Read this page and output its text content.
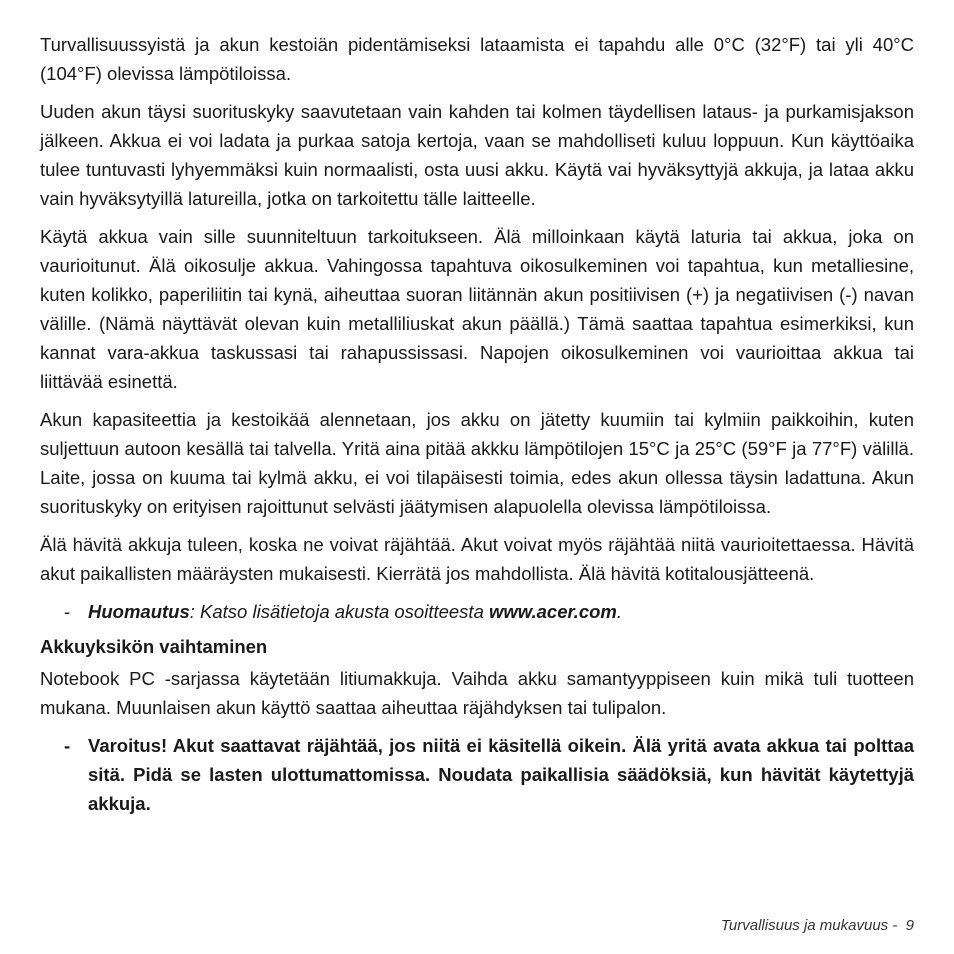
Turvallisuussyistä ja akun kestoiän pidentämiseksi lataamista ei tapahdu alle 0°C (32°F) tai yli 40°C (104°F) olevissa lämpötiloissa.

Uuden akun täysi suorituskyky saavutetaan vain kahden tai kolmen täydellisen lataus- ja purkamisjakson jälkeen. Akkua ei voi ladata ja purkaa satoja kertoja, vaan se mahdolliseti kuluu loppuun. Kun käyttöaika tulee tuntuvasti lyhyemmäksi kuin normaalisti, osta uusi akku. Käytä vai hyväksyttyjä akkuja, ja lataa akku vain hyväksytyillä latureilla, jotka on tarkoitettu tälle laitteelle.

Käytä akkua vain sille suunniteltuun tarkoitukseen. Älä milloinkaan käytä laturia tai akkua, joka on vaurioitunut. Älä oikosulje akkua. Vahingossa tapahtuva oikosulkeminen voi tapahtua, kun metalliesine, kuten kolikko, paperiliitin tai kynä, aiheuttaa suoran liitännän akun positiivisen (+) ja negatiivisen (-) navan välille. (Nämä näyttävät olevan kuin metalliliuskat akun päällä.) Tämä saattaa tapahtua esimerkiksi, kun kannat vara-akkua taskussasi tai rahapussissasi. Napojen oikosulkeminen voi vaurioittaa akkua tai liittävää esinettä.

Akun kapasiteettia ja kestoikää alennetaan, jos akku on jätetty kuumiin tai kylmiin paikkoihin, kuten suljettuun autoon kesällä tai talvella. Yritä aina pitää akkku lämpötilojen 15°C ja 25°C (59°F ja 77°F) välillä. Laite, jossa on kuuma tai kylmä akku, ei voi tilapäisesti toimia, edes akun ollessa täysin ladattuna. Akun suorituskyky on erityisen rajoittunut selvästi jäätymisen alapuolella olevissa lämpötiloissa.

Älä hävitä akkuja tuleen, koska ne voivat räjähtää. Akut voivat myös räjähtää niitä vaurioitettaessa. Hävitä akut paikallisten määräysten mukaisesti. Kierrätä jos mahdollista. Älä hävitä kotitalousjätteenä.

- Huomautus: Katso lisätietoja akusta osoitteesta www.acer.com.
Akkuyksikön vaihtaminen

Notebook PC -sarjassa käytetään litiumakkuja. Vaihda akku samantyyppiseen kuin mikä tuli tuotteen mukana. Muunlaisen akun käyttö saattaa aiheuttaa räjähdyksen tai tulipalon.

- Varoitus! Akut saattavat räjähtää, jos niitä ei käsitellä oikein. Älä yritä avata akkua tai polttaa sitä. Pidä se lasten ulottumattomissa. Noudata paikallisia säädöksiä, kun hävität käytettyjä akkuja.
Turvallisuus ja mukavuus -  9
